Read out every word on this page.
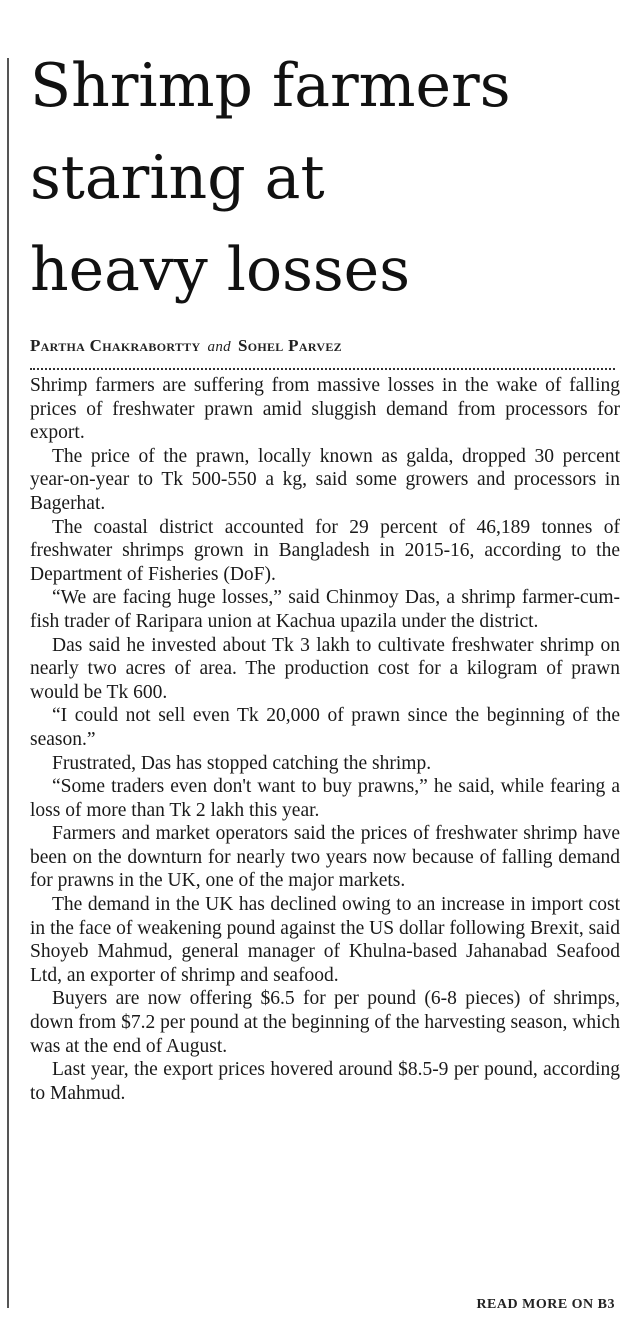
Shrimp farmers
staring at
heavy losses
Partha Chakrabortty and Sohel Parvez

Shrimp farmers are suffering from massive losses in the wake of falling prices of freshwater prawn amid sluggish demand from processors for export.

The price of the prawn, locally known as galda, dropped 30 percent year-on-year to Tk 500-550 a kg, said some growers and processors in Bagerhat.

The coastal district accounted for 29 percent of 46,189 tonnes of freshwater shrimps grown in Bangladesh in 2015-16, according to the Department of Fisheries (DoF).

“We are facing huge losses,” said Chinmoy Das, a shrimp farmer-cum-fish trader of Raripara union at Kachua upazila under the district.

Das said he invested about Tk 3 lakh to cultivate freshwater shrimp on nearly two acres of area. The production cost for a kilogram of prawn would be Tk 600.

“I could not sell even Tk 20,000 of prawn since the beginning of the season.”

Frustrated, Das has stopped catching the shrimp.

“Some traders even don't want to buy prawns,” he said, while fearing a loss of more than Tk 2 lakh this year.

Farmers and market operators said the prices of freshwater shrimp have been on the downturn for nearly two years now because of falling demand for prawns in the UK, one of the major markets.

The demand in the UK has declined owing to an increase in import cost in the face of weakening pound against the US dollar following Brexit, said Shoyeb Mahmud, general manager of Khulna-based Jahanabad Seafood Ltd, an exporter of shrimp and seafood.

Buyers are now offering $6.5 for per pound (6-8 pieces) of shrimps, down from $7.2 per pound at the beginning of the harvesting season, which was at the end of August.

Last year, the export prices hovered around $8.5-9 per pound, according to Mahmud.

READ MORE ON B3
